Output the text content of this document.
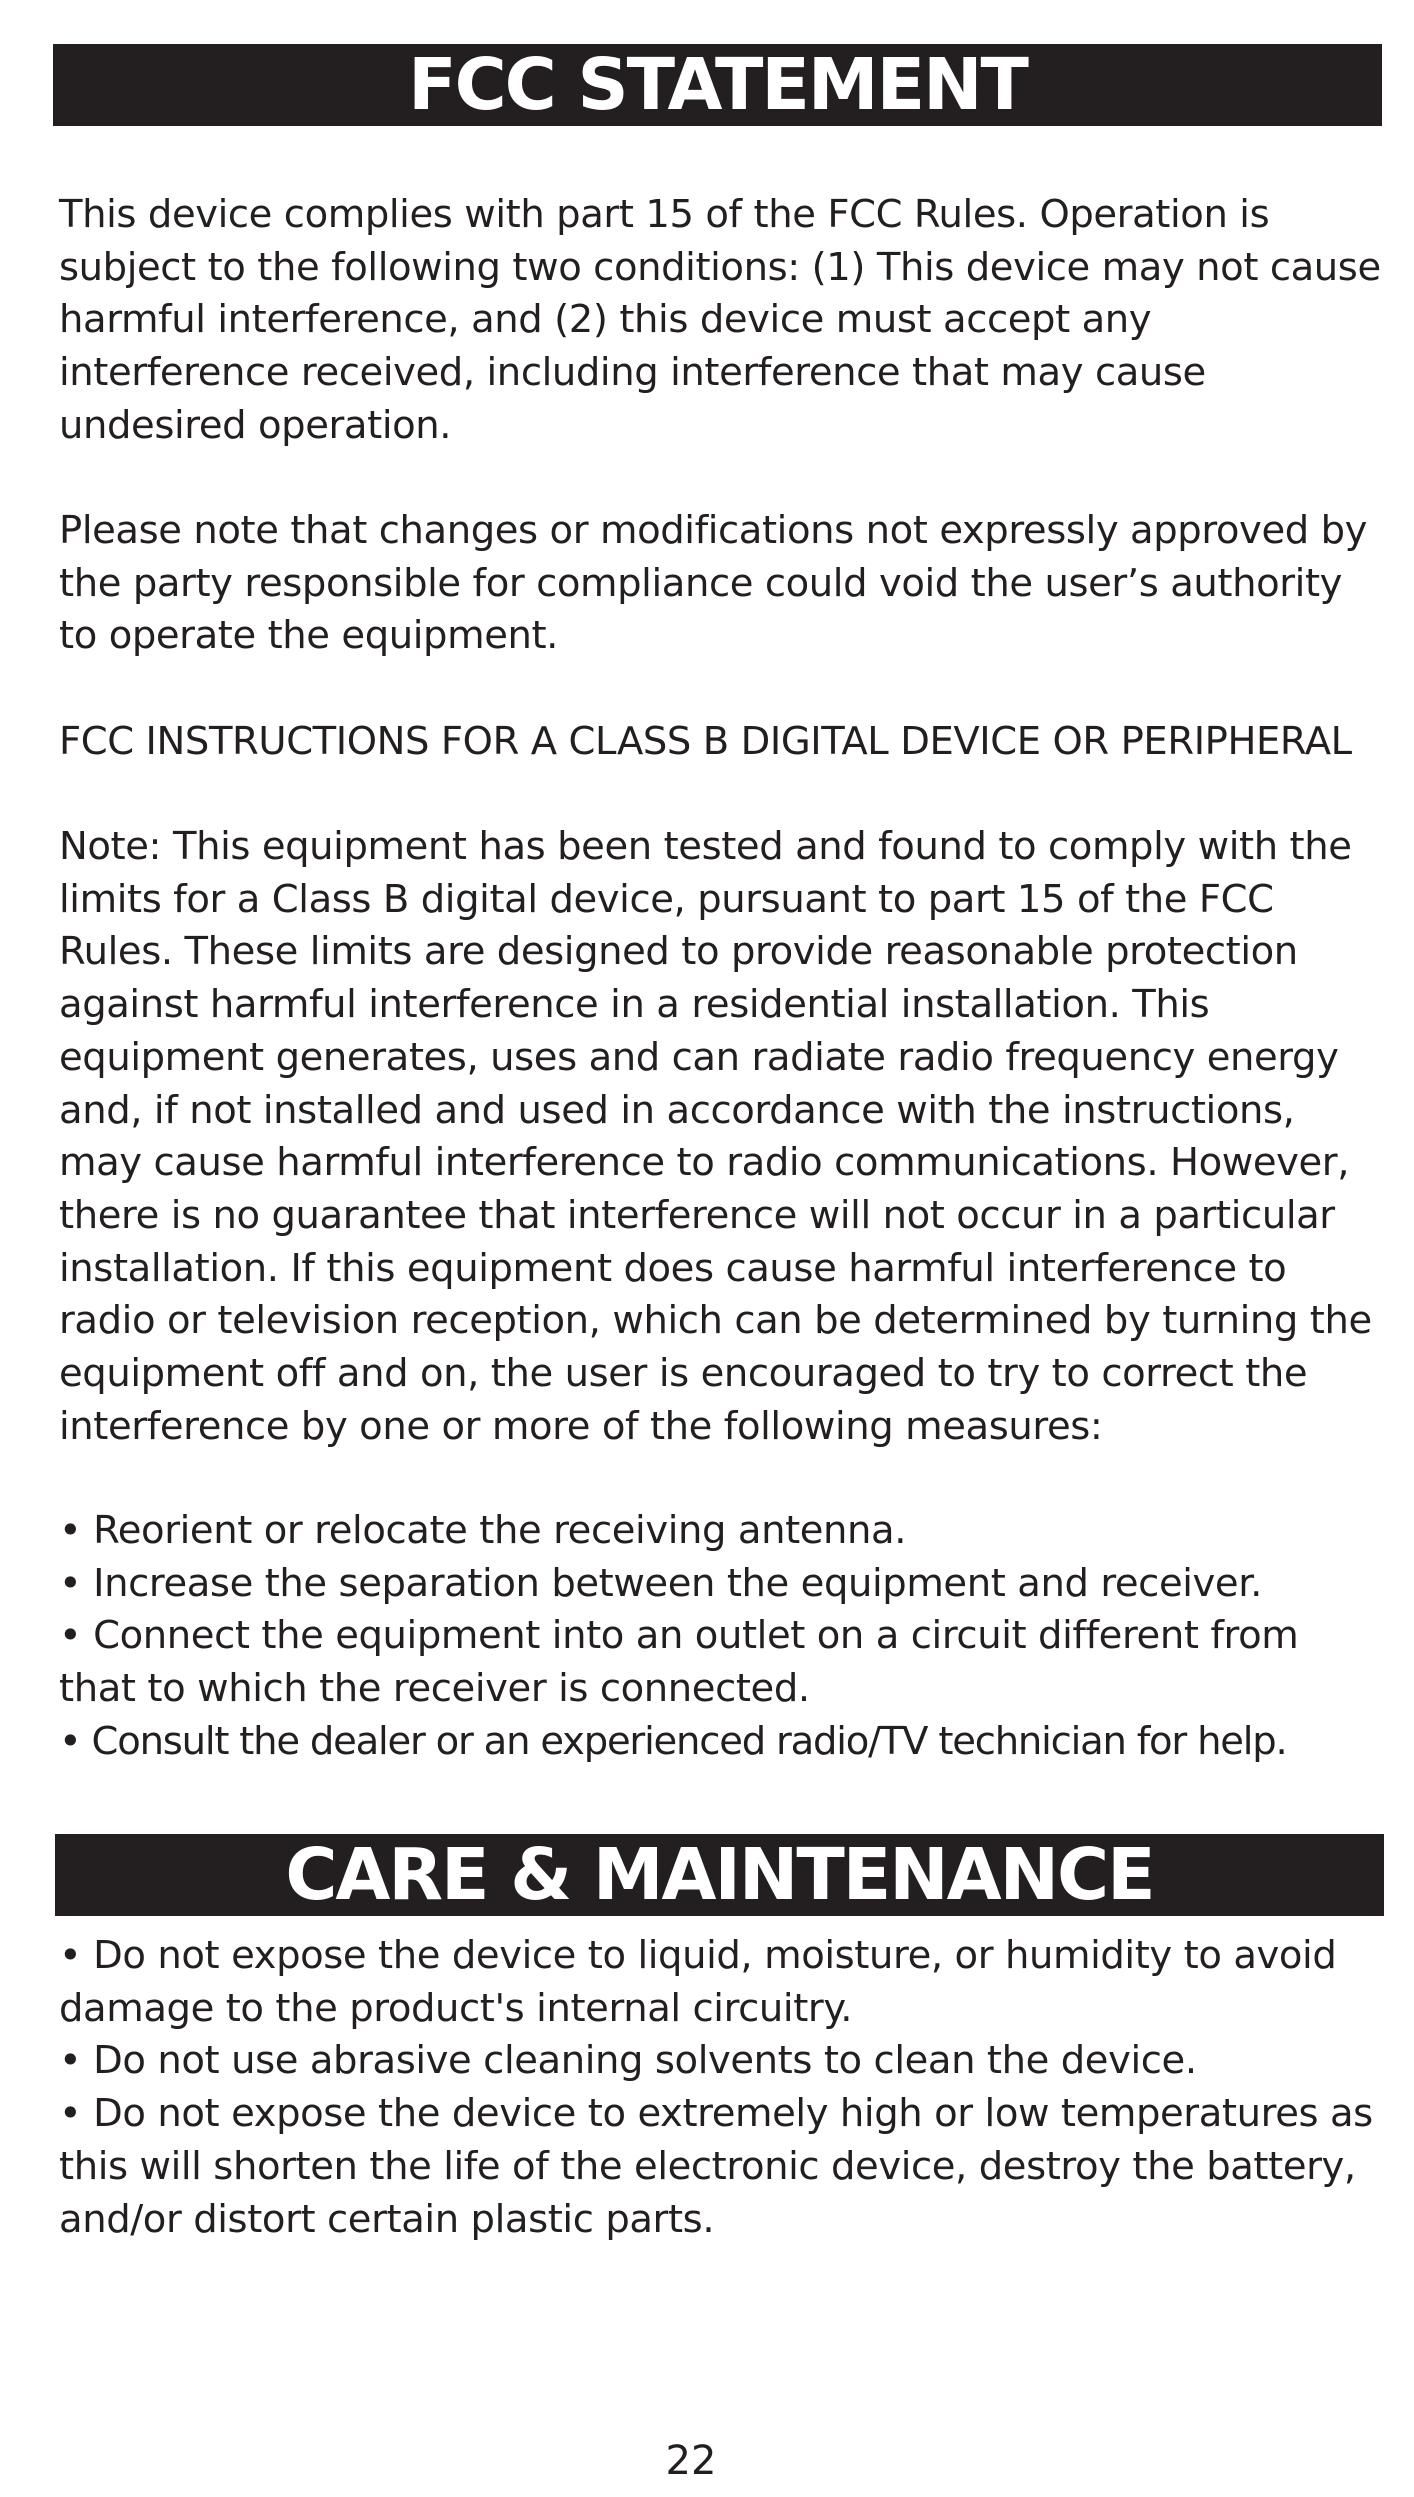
FCC STATEMENT

This device complies with part 15 of the FCC Rules. Operation is subject to the following two conditions: (1) This device may not cause harmful interference, and (2) this device must accept any interference received, including interference that may cause undesired operation.

Please note that changes or modifications not expressly approved by the party responsible for compliance could void the user’s authority to operate the equipment.

FCC INSTRUCTIONS FOR A CLASS B DIGITAL DEVICE OR PERIPHERAL

Note: This equipment has been tested and found to comply with the limits for a Class B digital device, pursuant to part 15 of the FCC Rules. These limits are designed to provide reasonable protection against harmful interference in a residential installation. This equipment generates, uses and can radiate radio frequency energy and, if not installed and used in accordance with the instructions, may cause harmful interference to radio communications. However, there is no guarantee that interference will not occur in a particular installation. If this equipment does cause harmful interference to radio or television reception, which can be determined by turning the equipment off and on, the user is encouraged to try to correct the interference by one or more of the following measures:

• Reorient or relocate the receiving antenna.

• Increase the separation between the equipment and receiver.

• Connect the equipment into an outlet on a circuit different from that to which the receiver is connected.

• Consult the dealer or an experienced radio/TV technician for help.

CARE & MAINTENANCE

• Do not expose the device to liquid, moisture, or humidity to avoid damage to the product's internal circuitry.

• Do not use abrasive cleaning solvents to clean the device.

• Do not expose the device to extremely high or low temperatures as this will shorten the life of the electronic device, destroy the battery, and/or distort certain plastic parts.

22
